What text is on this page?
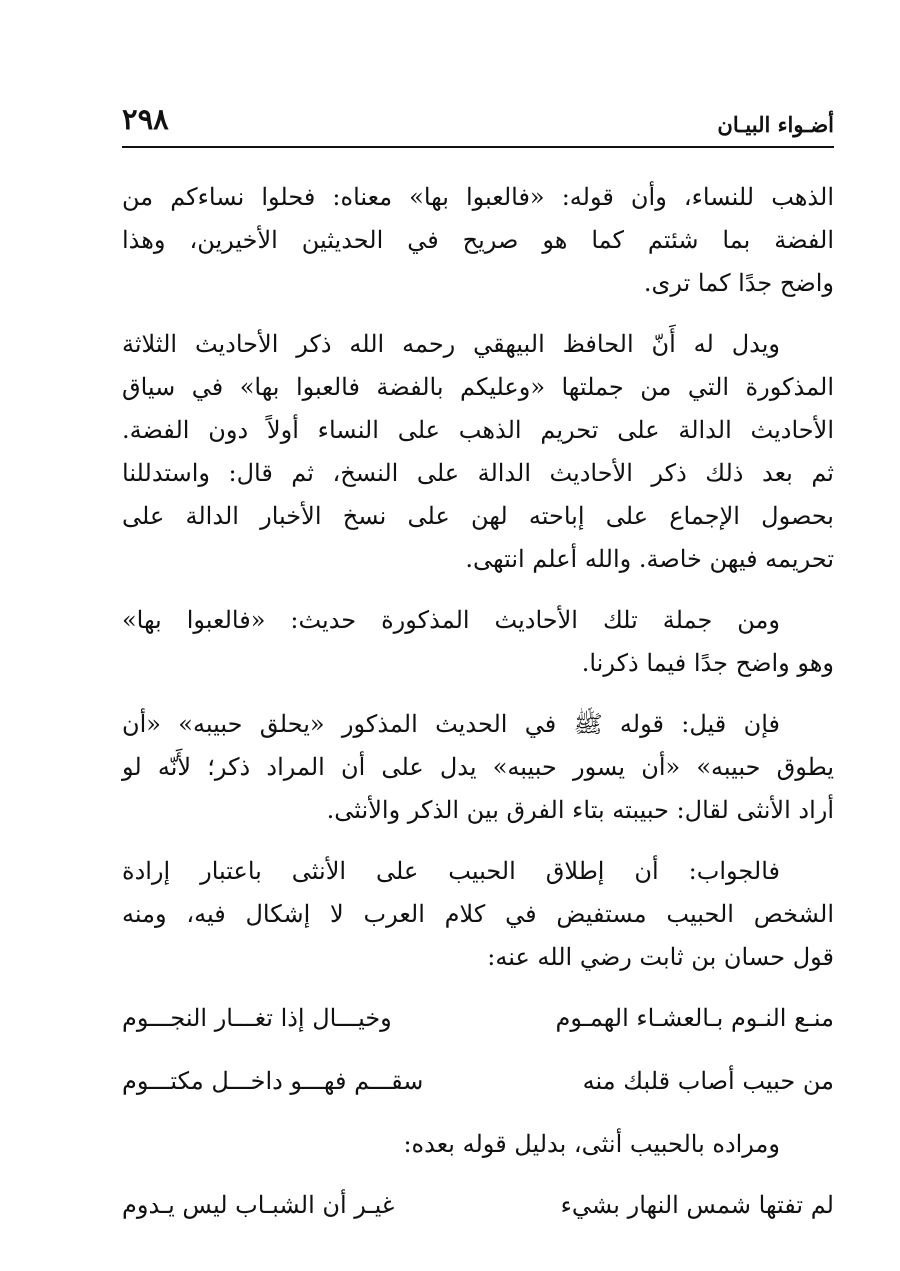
أضـواء البيـان
٢٩٨

الذهب للنساء، وأن قوله: «فالعبوا بها» معناه: فحلوا نساءكم من
الفضة بما شئتم كما هو صريح في الحديثين الأخيرين، وهذا
واضح جدًا كما ترى.

ويدل له أَنّ الحافظ البيهقي رحمه الله ذكر الأحاديث الثلاثة
المذكورة التي من جملتها «وعليكم بالفضة فالعبوا بها» في سياق
الأحاديث الدالة على تحريم الذهب على النساء أولاً دون الفضة.
ثم بعد ذلك ذكر الأحاديث الدالة على النسخ، ثم قال: واستدللنا
بحصول الإجماع على إباحته لهن على نسخ الأخبار الدالة على
تحريمه فيهن خاصة. والله أعلم انتهى.

ومن جملة تلك الأحاديث المذكورة حديث: «فالعبوا بها»
وهو واضح جدًا فيما ذكرنا.

فإن قيل: قوله ﷺ في الحديث المذكور «يحلق حبيبه» «أن
يطوق حبيبه» «أن يسور حبيبه» يدل على أن المراد ذكر؛ لأَنّه لو
أراد الأنثى لقال: حبيبته بتاء الفرق بين الذكر والأنثى.

فالجواب: أن إطلاق الحبيب على الأنثى باعتبار إرادة
الشخص الحبيب مستفيض في كلام العرب لا إشكال فيه، ومنه
قول حسان بن ثابت رضي الله عنه:

منـع النـوم بـالعشـاء الهمـوم
وخيـــال إذا تغـــار النجـــوم
من حبيب أصاب قلبك منه
سقـــم فهـــو داخـــل مكتـــوم

ومراده بالحبيب أنثى، بدليل قوله بعده:

لم تفتها شمس النهار بشيء
غيـر أن الشبـاب ليس يـدوم
